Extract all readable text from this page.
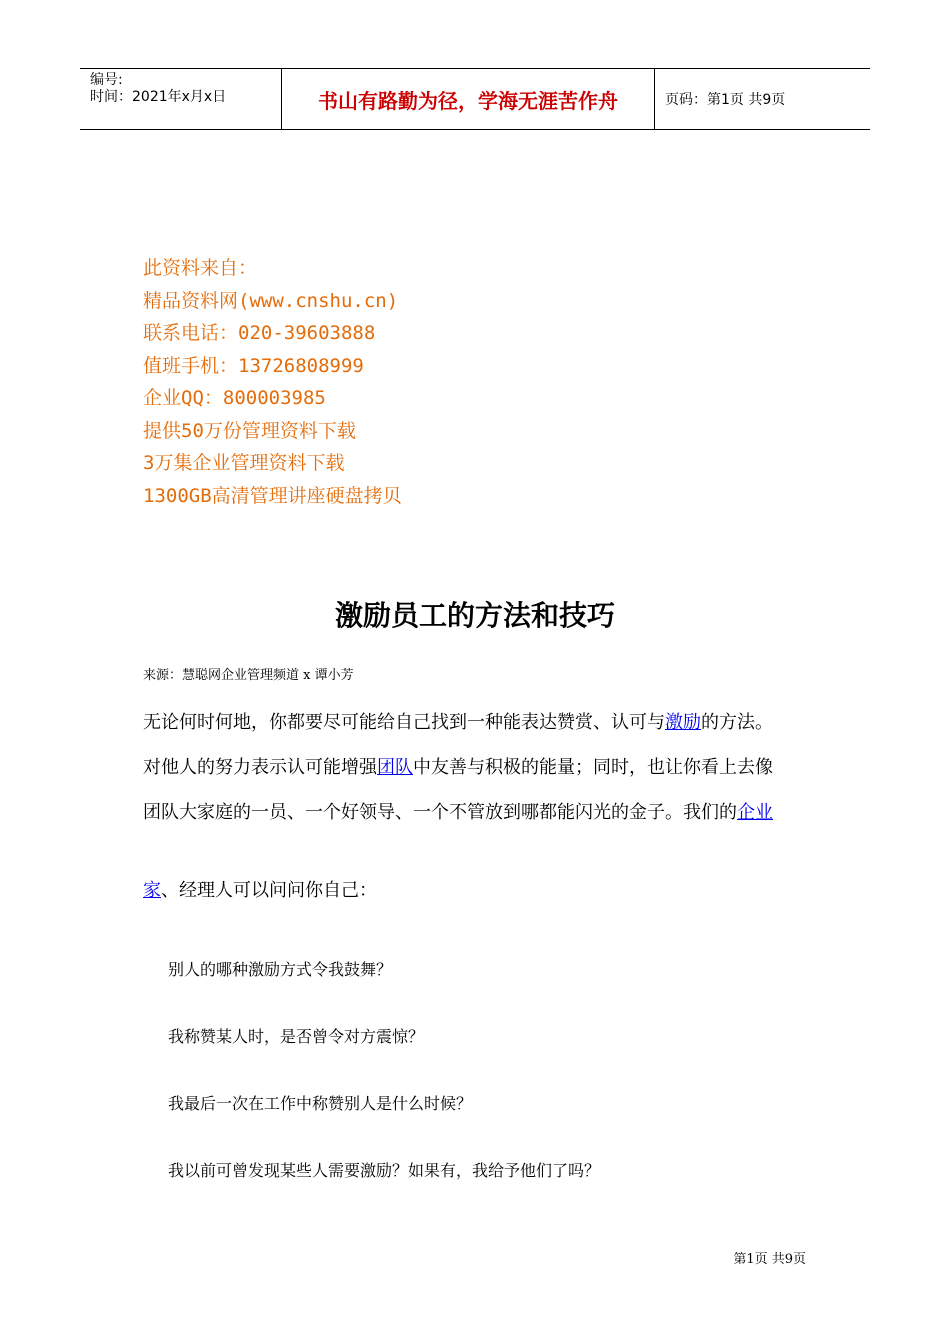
编号:
时间：2021年x月x日	书山有路勤为径，学海无涯苦作舟	页码：第1页 共9页
此资料来自：
精品资料网(www.cnshu.cn)
联系电话：020-39603888
值班手机：13726808999
企业QQ：800003985
提供50万份管理资料下载
3万集企业管理资料下载
1300GB高清管理讲座硬盘拷贝
激励员工的方法和技巧
来源：慧聪网企业管理频道 x 谭小芳
无论何时何地，你都要尽可能给自己找到一种能表达赞赏、认可与激励的方法。
对他人的努力表示认可能增强团队中友善与积极的能量；同时，也让你看上去像
团队大家庭的一员、一个好领导、一个不管放到哪都能闪光的金子。我们的企业
家、经理人可以问问你自己：
别人的哪种激励方式令我鼓舞？
我称赞某人时，是否曾令对方震惊？
我最后一次在工作中称赞别人是什么时候？
我以前可曾发现某些人需要激励？如果有，我给予他们了吗？
第1页 共9页
